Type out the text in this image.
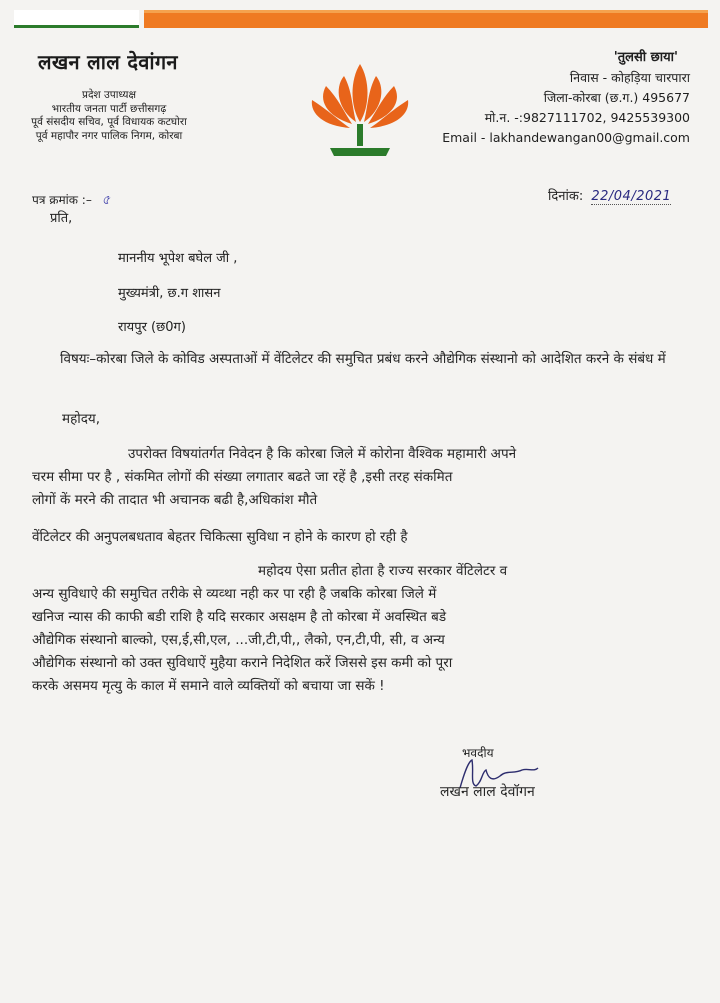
लखन लाल देवांगन
प्रदेश उपाध्यक्ष
भारतीय जनता पार्टी छत्तीसगढ़
पूर्व संसदीय सचिव, पूर्व विधायक कटघोरा
पूर्व महापौर नगर पालिक निगम, कोरबा
'तुलसी छाया'
निवास - कोहड़िया चारपारा
जिला-कोरबा (छ.ग.) 495677
मो.न. -:9827111702, 9425539300
Email - lakhandewangan00@gmail.com
पत्र क्रमांक :– ৫	दिनांक: 22/04/2021
प्रति,
माननीय भूपेश बघेल जी ,
मुख्यमंत्री, छ.ग शासन
रायपुर (छ0ग)

विषयः–कोरबा जिले के कोविड अस्पताओं में वेंटिलेटर की समुचित प्रबंध करने औद्येगिक संस्थानो को आदेशित करने के संबंध में

महोदय,

उपरोक्त विषयांतर्गत निवेदन है कि कोरबा जिले में कोरोना वैश्विक महामारी अपने

चरम सीमा पर है , संकमित लोगों की संख्या लगातार बढते जा रहें है ,इसी तरह संकमित

लोगों कें मरने की तादात भी अचानक बढी है,अधिकांश मौते

वेंटिलेटर की अनुपलबधताव बेहतर चिकित्सा सुविधा न होने के कारण हो रही है

महोदय ऐसा प्रतीत होता है राज्य सरकार वेंटिलेटर व

अन्य सुविधाऐ की समुचित तरीके से व्यव्था नही कर पा रही है जबकि कोरबा जिले में

खनिज न्यास की काफी बडी राशि है यदि सरकार असक्षम है तो कोरबा में अवस्थित बडे

औद्येगिक संस्थानो बाल्को, एस,ई,सी,एल, ...जी,टी,पी,, लैको, एन,टी,पी, सी, व अन्य

औद्येगिक संस्थानो को उक्त सुविधाऐं मुहैया कराने निदेशित करें जिससे इस कमी को पूरा

करके असमय मृत्यु के काल में समाने वाले व्यक्तियों को बचाया जा सकें !

भवदीय
लखन लाल देवॉगन
